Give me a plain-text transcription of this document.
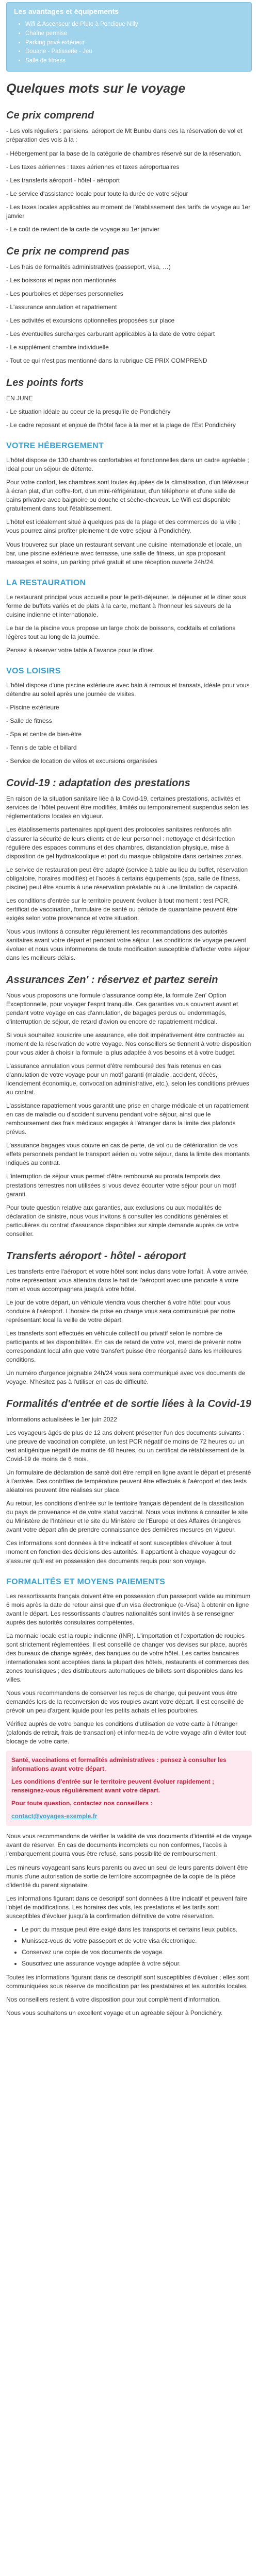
Les avantages et équipements
• Wifi & Ascenseur de Pluto à Pondique Nilly
• Chaîne permise
• Parking privé extérieur
• Douane - Patisserie - Jeu
• Salle de fitness
Quelques mots sur le voyage
Ce prix comprend

- Les vols réguliers : parisiens, aéroport de Mt Bunbu dans des la réservation de vol et préparation des vols à la :

- Hébergement par la base de la catégorie de chambres réservé sur de la réservation.

- Les taxes aériennes : taxes aériennes et taxes aéroportuaires

- Les transferts aéroport - hôtel - aéroport

- Le service d'assistance locale pour toute la durée de votre séjour

- Les taxes locales applicables au moment de l'établissement des tarifs de voyage au 1er janvier

- Le coût de revient de la carte de voyage au 1er janvier

Ce prix ne comprend pas

- Les frais de formalités administratives (passeport, visa, …)

- Les boissons et repas non mentionnés

- Les pourboires et dépenses personnelles

- L'assurance annulation et rapatriement

- Les activités et excursions optionnelles proposées sur place

- Les éventuelles surcharges carburant applicables à la date de votre départ

- Le supplément chambre individuelle

- Tout ce qui n'est pas mentionné dans la rubrique CE PRIX COMPREND

Les points forts

EN JUNE

- Le situation idéale au coeur de la presqu'île de Pondichéry

- Le cadre reposant et enjoué de l'hôtel face à la mer et la plage de l'Est Pondichéry

VOTRE HÉBERGEMENT

L'hôtel dispose de 130 chambres confortables et fonctionnelles dans un cadre agréable ; idéal pour un séjour de détente.

Pour votre confort, les chambres sont toutes équipées de la climatisation, d'un téléviseur à écran plat, d'un coffre-fort, d'un mini-réfrigérateur, d'un téléphone et d'une salle de bains privative avec baignoire ou douche et sèche-cheveux. Le Wifi est disponible gratuitement dans tout l'établissement.

L'hôtel est idéalement situé à quelques pas de la plage et des commerces de la ville ; vous pourrez ainsi profiter pleinement de votre séjour à Pondichéry.

Vous trouverez sur place un restaurant servant une cuisine internationale et locale, un bar, une piscine extérieure avec terrasse, une salle de fitness, un spa proposant massages et soins, un parking privé gratuit et une réception ouverte 24h/24.

LA RESTAURATION

Le restaurant principal vous accueille pour le petit-déjeuner, le déjeuner et le dîner sous forme de buffets variés et de plats à la carte, mettant à l'honneur les saveurs de la cuisine indienne et internationale.

Le bar de la piscine vous propose un large choix de boissons, cocktails et collations légères tout au long de la journée.

Pensez à réserver votre table à l'avance pour le dîner.

VOS LOISIRS

L'hôtel dispose d'une piscine extérieure avec bain à remous et transats, idéale pour vous détendre au soleil après une journée de visites.

- Piscine extérieure

- Salle de fitness

- Spa et centre de bien-être

- Tennis de table et billard

- Service de location de vélos et excursions organisées

Covid-19 : adaptation des prestations

En raison de la situation sanitaire liée à la Covid-19, certaines prestations, activités et services de l'hôtel peuvent être modifiés, limités ou temporairement suspendus selon les réglementations locales en vigueur.

Les établissements partenaires appliquent des protocoles sanitaires renforcés afin d'assurer la sécurité de leurs clients et de leur personnel : nettoyage et désinfection régulière des espaces communs et des chambres, distanciation physique, mise à disposition de gel hydroalcoolique et port du masque obligatoire dans certaines zones.

Le service de restauration peut être adapté (service à table au lieu du buffet, réservation obligatoire, horaires modifiés) et l'accès à certains équipements (spa, salle de fitness, piscine) peut être soumis à une réservation préalable ou à une limitation de capacité.

Les conditions d'entrée sur le territoire peuvent évoluer à tout moment : test PCR, certificat de vaccination, formulaire de santé ou période de quarantaine peuvent être exigés selon votre provenance et votre situation.

Nous vous invitons à consulter régulièrement les recommandations des autorités sanitaires avant votre départ et pendant votre séjour. Les conditions de voyage peuvent évoluer et nous vous informerons de toute modification susceptible d'affecter votre séjour dans les meilleurs délais.

Assurances Zen' : réservez et partez serein

Nous vous proposons une formule d'assurance complète, la formule Zen' Option Exceptionnelle, pour voyager l'esprit tranquille. Ces garanties vous couvrent avant et pendant votre voyage en cas d'annulation, de bagages perdus ou endommagés, d'interruption de séjour, de retard d'avion ou encore de rapatriement médical.

Si vous souhaitez souscrire une assurance, elle doit impérativement être contractée au moment de la réservation de votre voyage. Nos conseillers se tiennent à votre disposition pour vous aider à choisir la formule la plus adaptée à vos besoins et à votre budget.

L'assurance annulation vous permet d'être remboursé des frais retenus en cas d'annulation de votre voyage pour un motif garanti (maladie, accident, décès, licenciement économique, convocation administrative, etc.), selon les conditions prévues au contrat.

L'assistance rapatriement vous garantit une prise en charge médicale et un rapatriement en cas de maladie ou d'accident survenu pendant votre séjour, ainsi que le remboursement des frais médicaux engagés à l'étranger dans la limite des plafonds prévus.

L'assurance bagages vous couvre en cas de perte, de vol ou de détérioration de vos effets personnels pendant le transport aérien ou votre séjour, dans la limite des montants indiqués au contrat.

L'interruption de séjour vous permet d'être remboursé au prorata temporis des prestations terrestres non utilisées si vous devez écourter votre séjour pour un motif garanti.

Pour toute question relative aux garanties, aux exclusions ou aux modalités de déclaration de sinistre, nous vous invitons à consulter les conditions générales et particulières du contrat d'assurance disponibles sur simple demande auprès de votre conseiller.

Transferts aéroport - hôtel - aéroport

Les transferts entre l'aéroport et votre hôtel sont inclus dans votre forfait. À votre arrivée, notre représentant vous attendra dans le hall de l'aéroport avec une pancarte à votre nom et vous accompagnera jusqu'à votre hôtel.

Le jour de votre départ, un véhicule viendra vous chercher à votre hôtel pour vous conduire à l'aéroport. L'horaire de prise en charge vous sera communiqué par notre représentant local la veille de votre départ.

Les transferts sont effectués en véhicule collectif ou privatif selon le nombre de participants et les disponibilités. En cas de retard de votre vol, merci de prévenir notre correspondant local afin que votre transfert puisse être réorganisé dans les meilleures conditions.

Un numéro d'urgence joignable 24h/24 vous sera communiqué avec vos documents de voyage. N'hésitez pas à l'utiliser en cas de difficulté.

Formalités d'entrée et de sortie liées à la Covid-19

Informations actualisées le 1er juin 2022

Les voyageurs âgés de plus de 12 ans doivent présenter l'un des documents suivants : une preuve de vaccination complète, un test PCR négatif de moins de 72 heures ou un test antigénique négatif de moins de 48 heures, ou un certificat de rétablissement de la Covid-19 de moins de 6 mois.

Un formulaire de déclaration de santé doit être rempli en ligne avant le départ et présenté à l'arrivée. Des contrôles de température peuvent être effectués à l'aéroport et des tests aléatoires peuvent être réalisés sur place.

Au retour, les conditions d'entrée sur le territoire français dépendent de la classification du pays de provenance et de votre statut vaccinal. Nous vous invitons à consulter le site du Ministère de l'Intérieur et le site du Ministère de l'Europe et des Affaires étrangères avant votre départ afin de prendre connaissance des dernières mesures en vigueur.

Ces informations sont données à titre indicatif et sont susceptibles d'évoluer à tout moment en fonction des décisions des autorités. Il appartient à chaque voyageur de s'assurer qu'il est en possession des documents requis pour son voyage.

FORMALITÉS ET MOYENS PAIEMENTS

Les ressortissants français doivent être en possession d'un passeport valide au minimum 6 mois après la date de retour ainsi que d'un visa électronique (e-Visa) à obtenir en ligne avant le départ. Les ressortissants d'autres nationalités sont invités à se renseigner auprès des autorités consulaires compétentes.

La monnaie locale est la roupie indienne (INR). L'importation et l'exportation de roupies sont strictement réglementées. Il est conseillé de changer vos devises sur place, auprès des bureaux de change agréés, des banques ou de votre hôtel. Les cartes bancaires internationales sont acceptées dans la plupart des hôtels, restaurants et commerces des zones touristiques ; des distributeurs automatiques de billets sont disponibles dans les villes.

Nous vous recommandons de conserver les reçus de change, qui peuvent vous être demandés lors de la reconversion de vos roupies avant votre départ. Il est conseillé de prévoir un peu d'argent liquide pour les petits achats et les pourboires.

Vérifiez auprès de votre banque les conditions d'utilisation de votre carte à l'étranger (plafonds de retrait, frais de transaction) et informez-la de votre voyage afin d'éviter tout blocage de votre carte.

Santé, vaccinations et formalités administratives : pensez à consulter les informations avant votre départ.

Les conditions d'entrée sur le territoire peuvent évoluer rapidement ; renseignez-vous régulièrement avant votre départ.

Pour toute question, contactez nos conseillers :

contact@voyages-exemple.fr

Nous vous recommandons de vérifier la validité de vos documents d'identité et de voyage avant de réserver. En cas de documents incomplets ou non conformes, l'accès à l'embarquement pourra vous être refusé, sans possibilité de remboursement.

Les mineurs voyageant sans leurs parents ou avec un seul de leurs parents doivent être munis d'une autorisation de sortie de territoire accompagnée de la copie de la pièce d'identité du parent signataire.

Les informations figurant dans ce descriptif sont données à titre indicatif et peuvent faire l'objet de modifications. Les horaires des vols, les prestations et les tarifs sont susceptibles d'évoluer jusqu'à la confirmation définitive de votre réservation.

• Le port du masque peut être exigé dans les transports et certains lieux publics.
• Munissez-vous de votre passeport et de votre visa électronique.
• Conservez une copie de vos documents de voyage.
• Souscrivez une assurance voyage adaptée à votre séjour.

Toutes les informations figurant dans ce descriptif sont susceptibles d'évoluer ; elles sont communiquées sous réserve de modification par les prestataires et les autorités locales.

Nos conseillers restent à votre disposition pour tout complément d'information.

Nous vous souhaitons un excellent voyage et un agréable séjour à Pondichéry.
